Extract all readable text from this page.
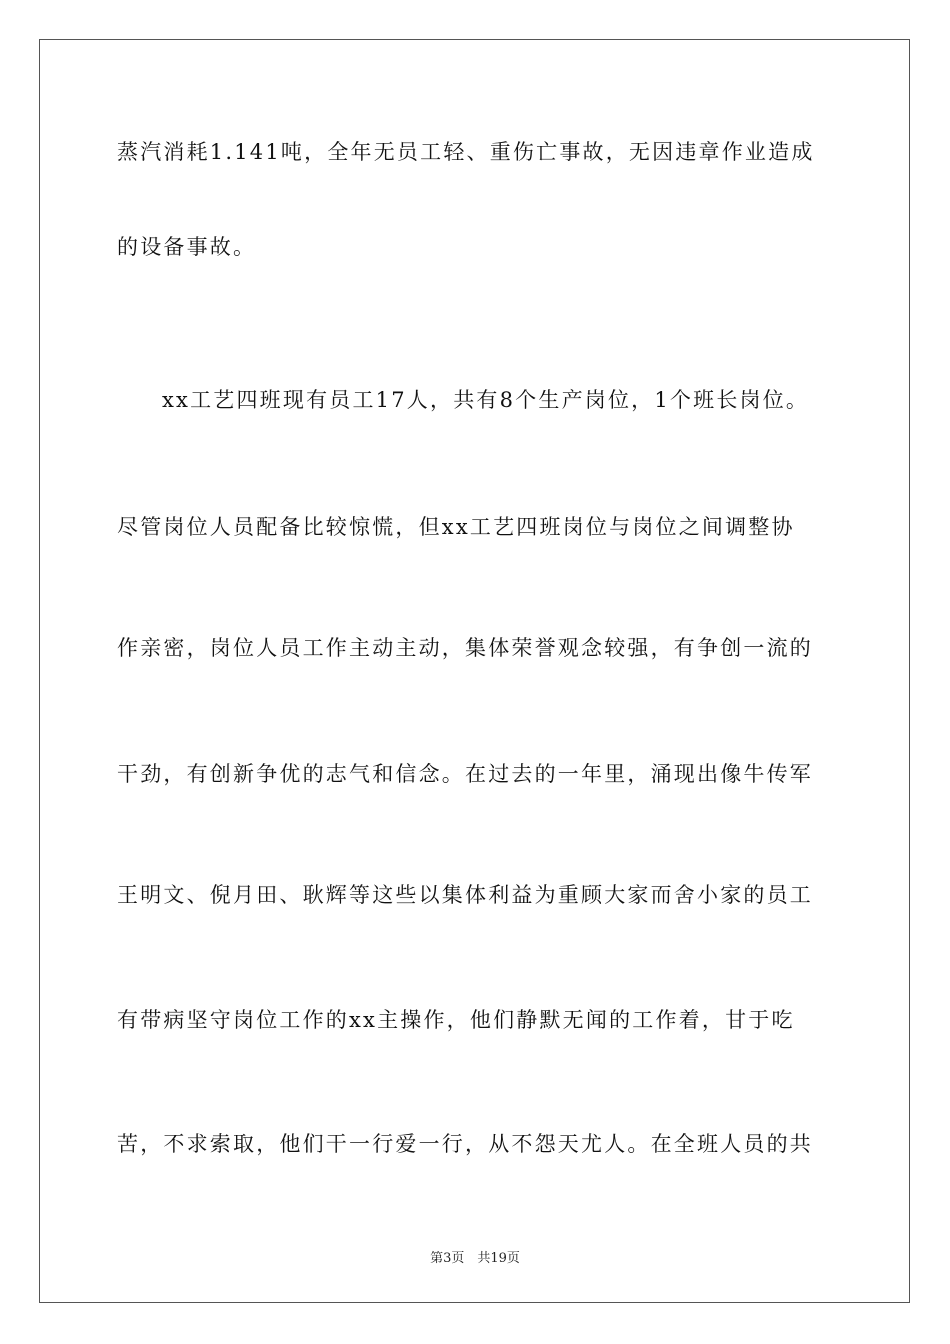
蒸汽消耗1.141吨，全年无员工轻、重伤亡事故，无因违章作业造成
的设备事故。
xx工艺四班现有员工17人，共有8个生产岗位，1个班长岗位。
尽管岗位人员配备比较惊慌，但xx工艺四班岗位与岗位之间调整协
作亲密，岗位人员工作主动主动，集体荣誉观念较强，有争创一流的
干劲，有创新争优的志气和信念。在过去的一年里，涌现出像牛传军
王明文、倪月田、耿辉等这些以集体利益为重顾大家而舍小家的员工
有带病坚守岗位工作的xx主操作，他们静默无闻的工作着，甘于吃
苦，不求索取，他们干一行爱一行，从不怨天尤人。在全班人员的共
第3页　共19页
